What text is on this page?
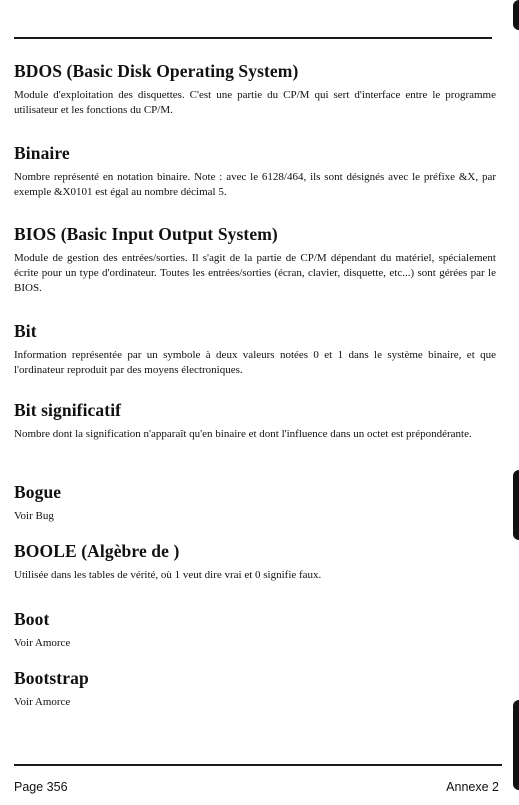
BDOS (Basic Disk Operating System)

Module d'exploitation des disquettes. C'est une partie du CP/M qui sert d'interface entre le programme utilisateur et les fonctions du CP/M.

Binaire

Nombre représenté en notation binaire. Note : avec le 6128/464, ils sont désignés avec le préfixe &X, par exemple &X0101 est égal au nombre décimal 5.

BIOS (Basic Input Output System)

Module de gestion des entrées/sorties. Il s'agit de la partie de CP/M dépendant du matériel, spécialement écrite pour un type d'ordinateur. Toutes les entrées/sorties (écran, clavier, disquette, etc...) sont gérées par le BIOS.

Bit

Information représentée par un symbole à deux valeurs notées 0 et 1 dans le système binaire, et que l'ordinateur reproduit par des moyens électroniques.

Bit significatif

Nombre dont la signification n'apparaît qu'en binaire et dont l'influence dans un octet est prépondérante.

Bogue

Voir Bug

BOOLE (Algèbre de )

Utilisée dans les tables de vérité, où 1 veut dire vrai et 0 signifie faux.

Boot

Voir Amorce

Bootstrap

Voir Amorce

Page 356	Annexe 2
